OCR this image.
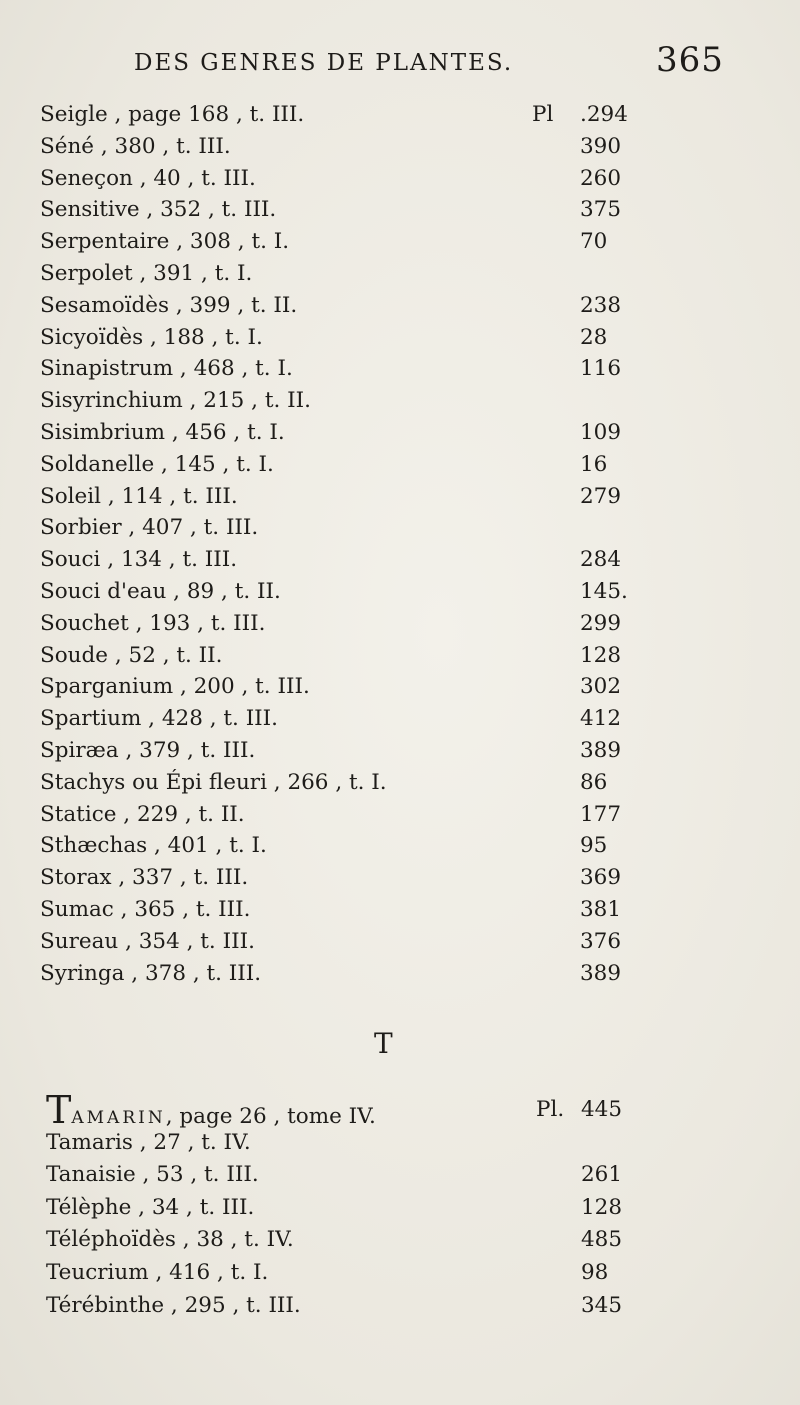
DES GENRES DE PLANTES.	365
Seigle , page 168 , t. III.	Pl .294
Séné , 380 , t. III.	390
Seneçon , 40 , t. III.	260
Sensitive , 352 , t. III.	375
Serpentaire , 308 , t. I.	70
Serpolet , 391 , t. I.
Sesamoïdès , 399 , t. II.	238
Sicyoïdès , 188 , t. I.	28
Sinapistrum , 468 , t. I.	116
Sisyrinchium , 215 , t. II.
Sisimbrium , 456 , t. I.	109
Soldanelle , 145 , t. I.	16
Soleil , 114 , t. III.	279
Sorbier , 407 , t. III.
Souci , 134 , t. III.	284
Souci d'eau , 89 , t. II.	145.
Souchet , 193 , t. III.	299
Soude , 52 , t. II.	128
Sparganium , 200 , t. III.	302
Spartium , 428 , t. III.	412
Spiræa , 379 , t. III.	389
Stachys ou Épi fleuri , 266 , t. I.	86
Statice , 229 , t. II.	177
Sthæchas , 401 , t. I.	95
Storax , 337 , t. III.	369
Sumac , 365 , t. III.	381
Sureau , 354 , t. III.	376
Syringa , 378 , t. III.	389
T
TAMARIN, page 26 , tome IV.	Pl. 445
Tamaris , 27 , t. IV.
Tanaisie , 53 , t. III.	261
Télèphe , 34 , t. III.	128
Téléphoïdès , 38 , t. IV.	485
Teucrium , 416 , t. I.	98
Térébinthe , 295 , t. III.	345
